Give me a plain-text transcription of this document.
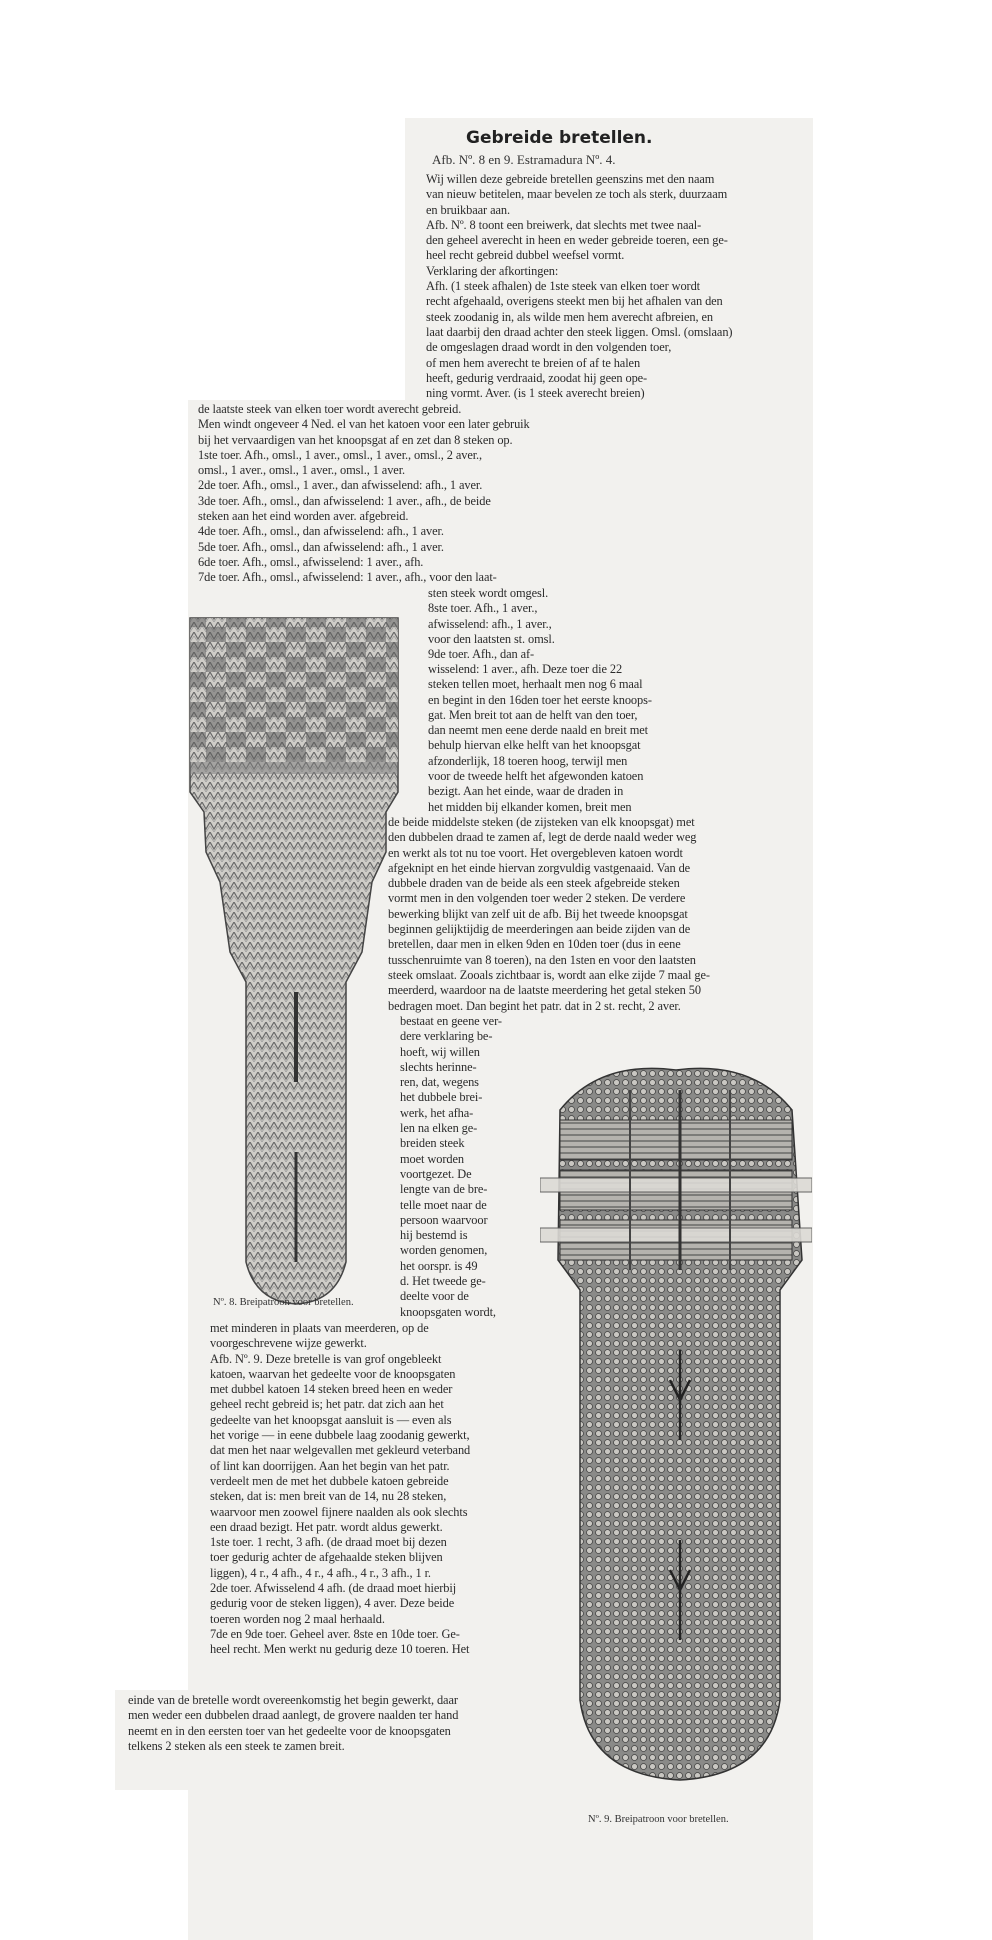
Gebreide bretellen.
Afb. Nº. 8 en 9. Estramadura Nº. 4.
Wij willen deze gebreide bretellen geenszins met den naam
van nieuw betitelen, maar bevelen ze toch als sterk, duurzaam
en bruikbaar aan.
Afb. Nº. 8 toont een breiwerk, dat slechts met twee naal-
den geheel averecht in heen en weder gebreide toeren, een ge-
heel recht gebreid dubbel weefsel vormt.
Verklaring der afkortingen:
Afh. (1 steek afhalen) de 1ste steek van elken toer wordt
recht afgehaald, overigens steekt men bij het afhalen van den
steek zoodanig in, als wilde men hem averecht afbreien, en
laat daarbij den draad achter den steek liggen. Omsl. (omslaan)
de omgeslagen draad wordt in den volgenden toer,
of men hem averecht te breien of af te halen
heeft, gedurig verdraaid, zoodat hij geen ope-
ning vormt. Aver. (is 1 steek averecht breien)
de laatste steek van elken toer wordt averecht gebreid.
Men windt ongeveer 4 Ned. el van het katoen voor een later gebruik
bij het vervaardigen van het knoopsgat af en zet dan 8 steken op.
1ste toer. Afh., omsl., 1 aver., omsl., 1 aver., omsl., 2 aver.,
omsl., 1 aver., omsl., 1 aver., omsl., 1 aver.
2de toer. Afh., omsl., 1 aver., dan afwisselend: afh., 1 aver.
3de toer. Afh., omsl., dan afwisselend: 1 aver., afh., de beide
steken aan het eind worden aver. afgebreid.
4de toer. Afh., omsl., dan afwisselend: afh., 1 aver.
5de toer. Afh., omsl., dan afwisselend: afh., 1 aver.
6de toer. Afh., omsl., afwisselend: 1 aver., afh.
7de toer. Afh., omsl., afwisselend: 1 aver., afh., voor den laat-
sten steek wordt omgesl.
8ste toer. Afh., 1 aver.,
afwisselend: afh., 1 aver.,
voor den laatsten st. omsl.
9de toer. Afh., dan af-
wisselend: 1 aver., afh. Deze toer die 22
steken tellen moet, herhaalt men nog 6 maal
en begint in den 16den toer het eerste knoops-
gat. Men breit tot aan de helft van den toer,
dan neemt men eene derde naald en breit met
behulp hiervan elke helft van het knoopsgat
afzonderlijk, 18 toeren hoog, terwijl men
voor de tweede helft het afgewonden katoen
bezigt. Aan het einde, waar de draden in
het midden bij elkander komen, breit men
de beide middelste steken (de zijsteken van elk knoopsgat) met
den dubbelen draad te zamen af, legt de derde naald weder weg
en werkt als tot nu toe voort. Het overgebleven katoen wordt
afgeknipt en het einde hiervan zorgvuldig vastgenaaid. Van de
dubbele draden van de beide als een steek afgebreide steken
vormt men in den volgenden toer weder 2 steken. De verdere
bewerking blijkt van zelf uit de afb. Bij het tweede knoopsgat
beginnen gelijktijdig de meerderingen aan beide zijden van de
bretellen, daar men in elken 9den en 10den toer (dus in eene
tusschenruimte van 8 toeren), na den 1sten en voor den laatsten
steek omslaat. Zooals zichtbaar is, wordt aan elke zijde 7 maal ge-
meerderd, waardoor na de laatste meerdering het getal steken 50
bedragen moet. Dan begint het patr. dat in 2 st. recht, 2 aver.
bestaat en geene ver-
dere verklaring be-
hoeft, wij willen
slechts herinne-
ren, dat, wegens
het dubbele brei-
werk, het afha-
len na elken ge-
breiden steek
moet worden
voortgezet. De
lengte van de bre-
telle moet naar de
persoon waarvoor
hij bestemd is
worden genomen,
het oorspr. is 49
d. Het tweede ge-
deelte voor de
knoopsgaten wordt,
met minderen in plaats van meerderen, op de
voorgeschrevene wijze gewerkt.
Afb. Nº. 9. Deze bretelle is van grof ongebleekt
katoen, waarvan het gedeelte voor de knoopsgaten
met dubbel katoen 14 steken breed heen en weder
geheel recht gebreid is; het patr. dat zich aan het
gedeelte van het knoopsgat aansluit is — even als
het vorige — in eene dubbele laag zoodanig gewerkt,
dat men het naar welgevallen met gekleurd veterband
of lint kan doorrijgen. Aan het begin van het patr.
verdeelt men de met het dubbele katoen gebreide
steken, dat is: men breit van de 14, nu 28 steken,
waarvoor men zoowel fijnere naalden als ook slechts
een draad bezigt. Het patr. wordt aldus gewerkt.
1ste toer. 1 recht, 3 afh. (de draad moet bij dezen
toer gedurig achter de afgehaalde steken blijven
liggen), 4 r., 4 afh., 4 r., 4 afh., 4 r., 3 afh., 1 r.
2de toer. Afwisselend 4 afh. (de draad moet hierbij
gedurig voor de steken liggen), 4 aver. Deze beide
toeren worden nog 2 maal herhaald.
7de en 9de toer. Geheel aver. 8ste en 10de toer. Ge-
heel recht. Men werkt nu gedurig deze 10 toeren. Het
einde van de bretelle wordt overeenkomstig het begin gewerkt, daar
men weder een dubbelen draad aanlegt, de grovere naalden ter hand
neemt en in den eersten toer van het gedeelte voor de knoopsgaten
telkens 2 steken als een steek te zamen breit.
Nº. 8. Breipatroon voor bretellen.
Nº. 9. Breipatroon voor bretellen.
